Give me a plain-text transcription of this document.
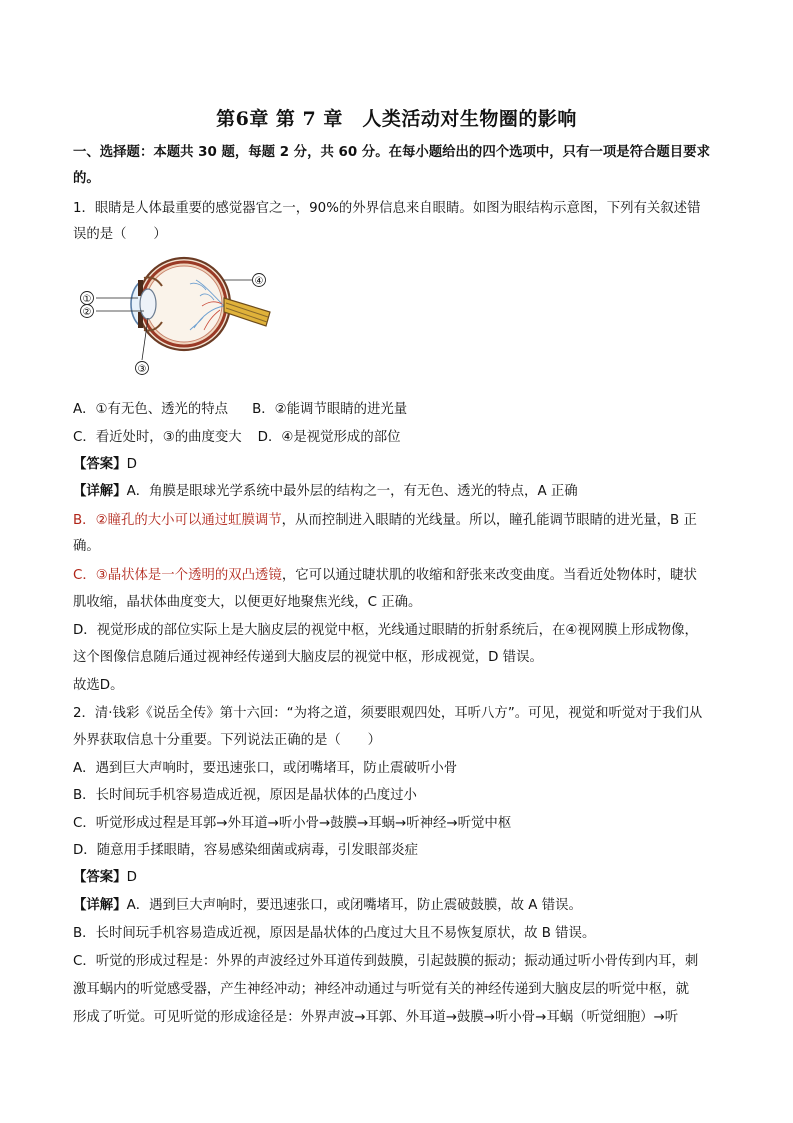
第6章 第 7 章　人类活动对生物圈的影响
一、选择题：本题共 30 题，每题 2 分，共 60 分。在每小题给出的四个选项中，只有一项是符合题目要求
的。
1．眼睛是人体最重要的感觉器官之一，90%的外界信息来自眼睛。如图为眼结构示意图，下列有关叙述错
误的是（　　）
①
②
③
④
A．①有无色、透光的特点 B．②能调节眼睛的进光量
C．看近处时，③的曲度变大 D．④是视觉形成的部位
【答案】D
【详解】A．角膜是眼球光学系统中最外层的结构之一，有无色、透光的特点，A 正确
B．②瞳孔的大小可以通过虹膜调节，从而控制进入眼睛的光线量。所以，瞳孔能调节眼睛的进光量，B 正
确。
C．③晶状体是一个透明的双凸透镜，它可以通过睫状肌的收缩和舒张来改变曲度。当看近处物体时，睫状
肌收缩，晶状体曲度变大，以便更好地聚焦光线，C 正确。
D．视觉形成的部位实际上是大脑皮层的视觉中枢，光线通过眼睛的折射系统后，在④视网膜上形成物像，
这个图像信息随后通过视神经传递到大脑皮层的视觉中枢，形成视觉，D 错误。
故选D。
2．清·钱彩《说岳全传》第十六回：“为将之道，须要眼观四处，耳听八方”。可见，视觉和听觉对于我们从
外界获取信息十分重要。下列说法正确的是（　　）
A．遇到巨大声响时，要迅速张口，或闭嘴堵耳，防止震破听小骨
B．长时间玩手机容易造成近视，原因是晶状体的凸度过小
C．听觉形成过程是耳郭→外耳道→听小骨→鼓膜→耳蜗→听神经→听觉中枢
D．随意用手揉眼睛，容易感染细菌或病毒，引发眼部炎症
【答案】D
【详解】A．遇到巨大声响时，要迅速张口，或闭嘴堵耳，防止震破鼓膜，故 A 错误。
B．长时间玩手机容易造成近视，原因是晶状体的凸度过大且不易恢复原状，故 B 错误。
C．听觉的形成过程是：外界的声波经过外耳道传到鼓膜，引起鼓膜的振动；振动通过听小骨传到内耳，刺
激耳蜗内的听觉感受器，产生神经冲动；神经冲动通过与听觉有关的神经传递到大脑皮层的听觉中枢，就
形成了听觉。可见听觉的形成途径是：外界声波→耳郭、外耳道→鼓膜→听小骨→耳蜗（听觉细胞）→听
